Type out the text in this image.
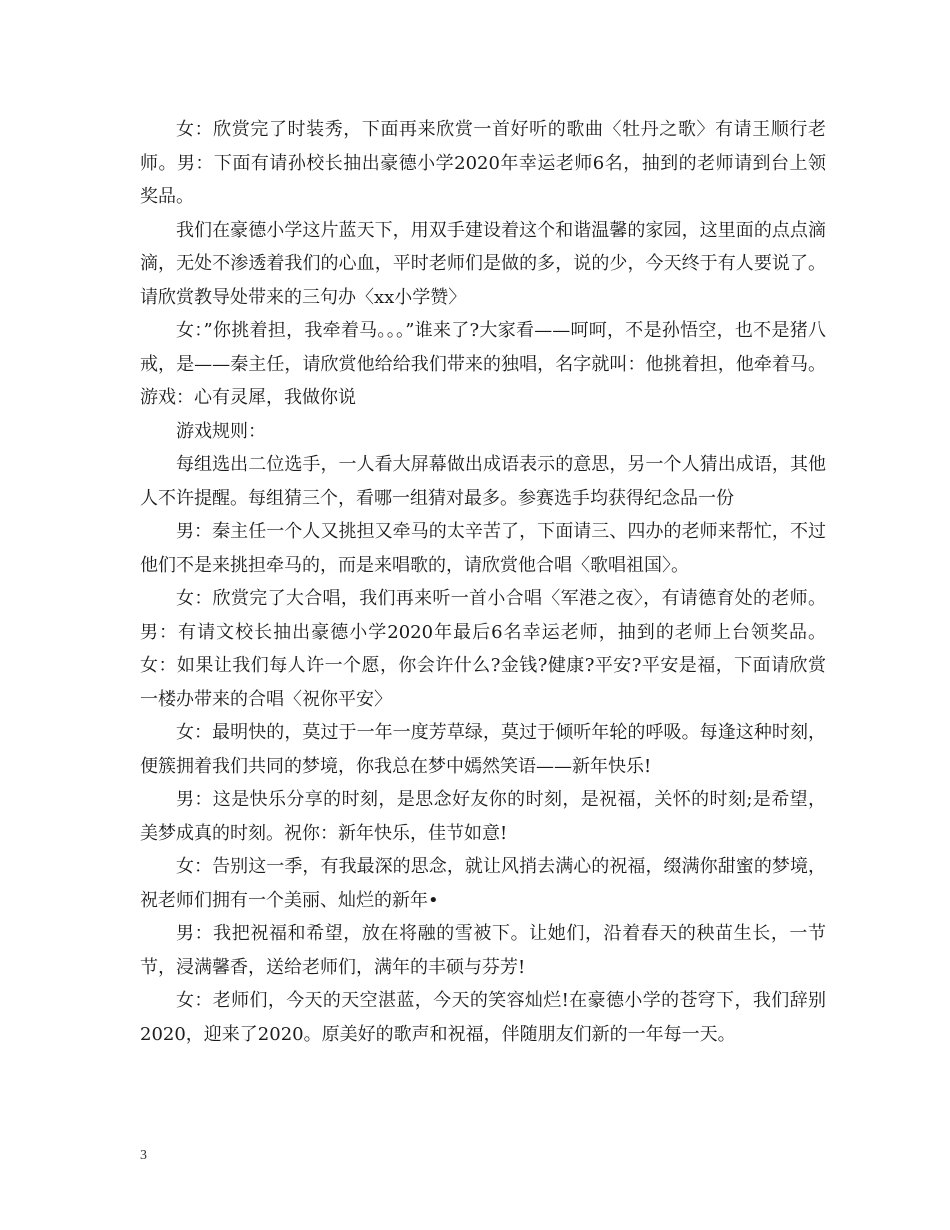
女：欣赏完了时装秀，下面再来欣赏一首好听的歌曲〈牡丹之歌〉有请王顺行老师。男：下面有请孙校长抽出豪德小学2020年幸运老师6名，抽到的老师请到台上领奖品。

我们在豪德小学这片蓝天下，用双手建设着这个和谐温馨的家园，这里面的点点滴滴，无处不渗透着我们的心血，平时老师们是做的多，说的少，今天终于有人要说了。请欣赏教导处带来的三句办〈xx小学赞〉

女：”你挑着担，我牵着马。。。”谁来了?大家看——呵呵，不是孙悟空，也不是猪八戒，是——秦主任，请欣赏他给给我们带来的独唱，名字就叫：他挑着担，他牵着马。游戏：心有灵犀，我做你说

游戏规则：

每组选出二位选手，一人看大屏幕做出成语表示的意思，另一个人猜出成语，其他人不许提醒。每组猜三个，看哪一组猜对最多。参赛选手均获得纪念品一份

男：秦主任一个人又挑担又牵马的太辛苦了，下面请三、四办的老师来帮忙，不过他们不是来挑担牵马的，而是来唱歌的，请欣赏他合唱〈歌唱祖国〉。

女：欣赏完了大合唱，我们再来听一首小合唱〈军港之夜〉，有请德育处的老师。男：有请文校长抽出豪德小学2020年最后6名幸运老师，抽到的老师上台领奖品。女：如果让我们每人许一个愿，你会许什么?金钱?健康?平安?平安是福，下面请欣赏一楼办带来的合唱〈祝你平安〉

女：最明快的，莫过于一年一度芳草绿，莫过于倾听年轮的呼吸。每逢这种时刻，便簇拥着我们共同的梦境，你我总在梦中嫣然笑语——新年快乐!

男：这是快乐分享的时刻，是思念好友你的时刻，是祝福，关怀的时刻;是希望，美梦成真的时刻。祝你：新年快乐，佳节如意!

女：告别这一季，有我最深的思念，就让风捎去满心的祝福，缀满你甜蜜的梦境，祝老师们拥有一个美丽、灿烂的新年•

男：我把祝福和希望，放在将融的雪被下。让她们，沿着春天的秧苗生长，一节节，浸满馨香，送给老师们，满年的丰硕与芬芳!

女：老师们，今天的天空湛蓝，今天的笑容灿烂!在豪德小学的苍穹下，我们辞别2020，迎来了2020。原美好的歌声和祝福，伴随朋友们新的一年每一天。

3
